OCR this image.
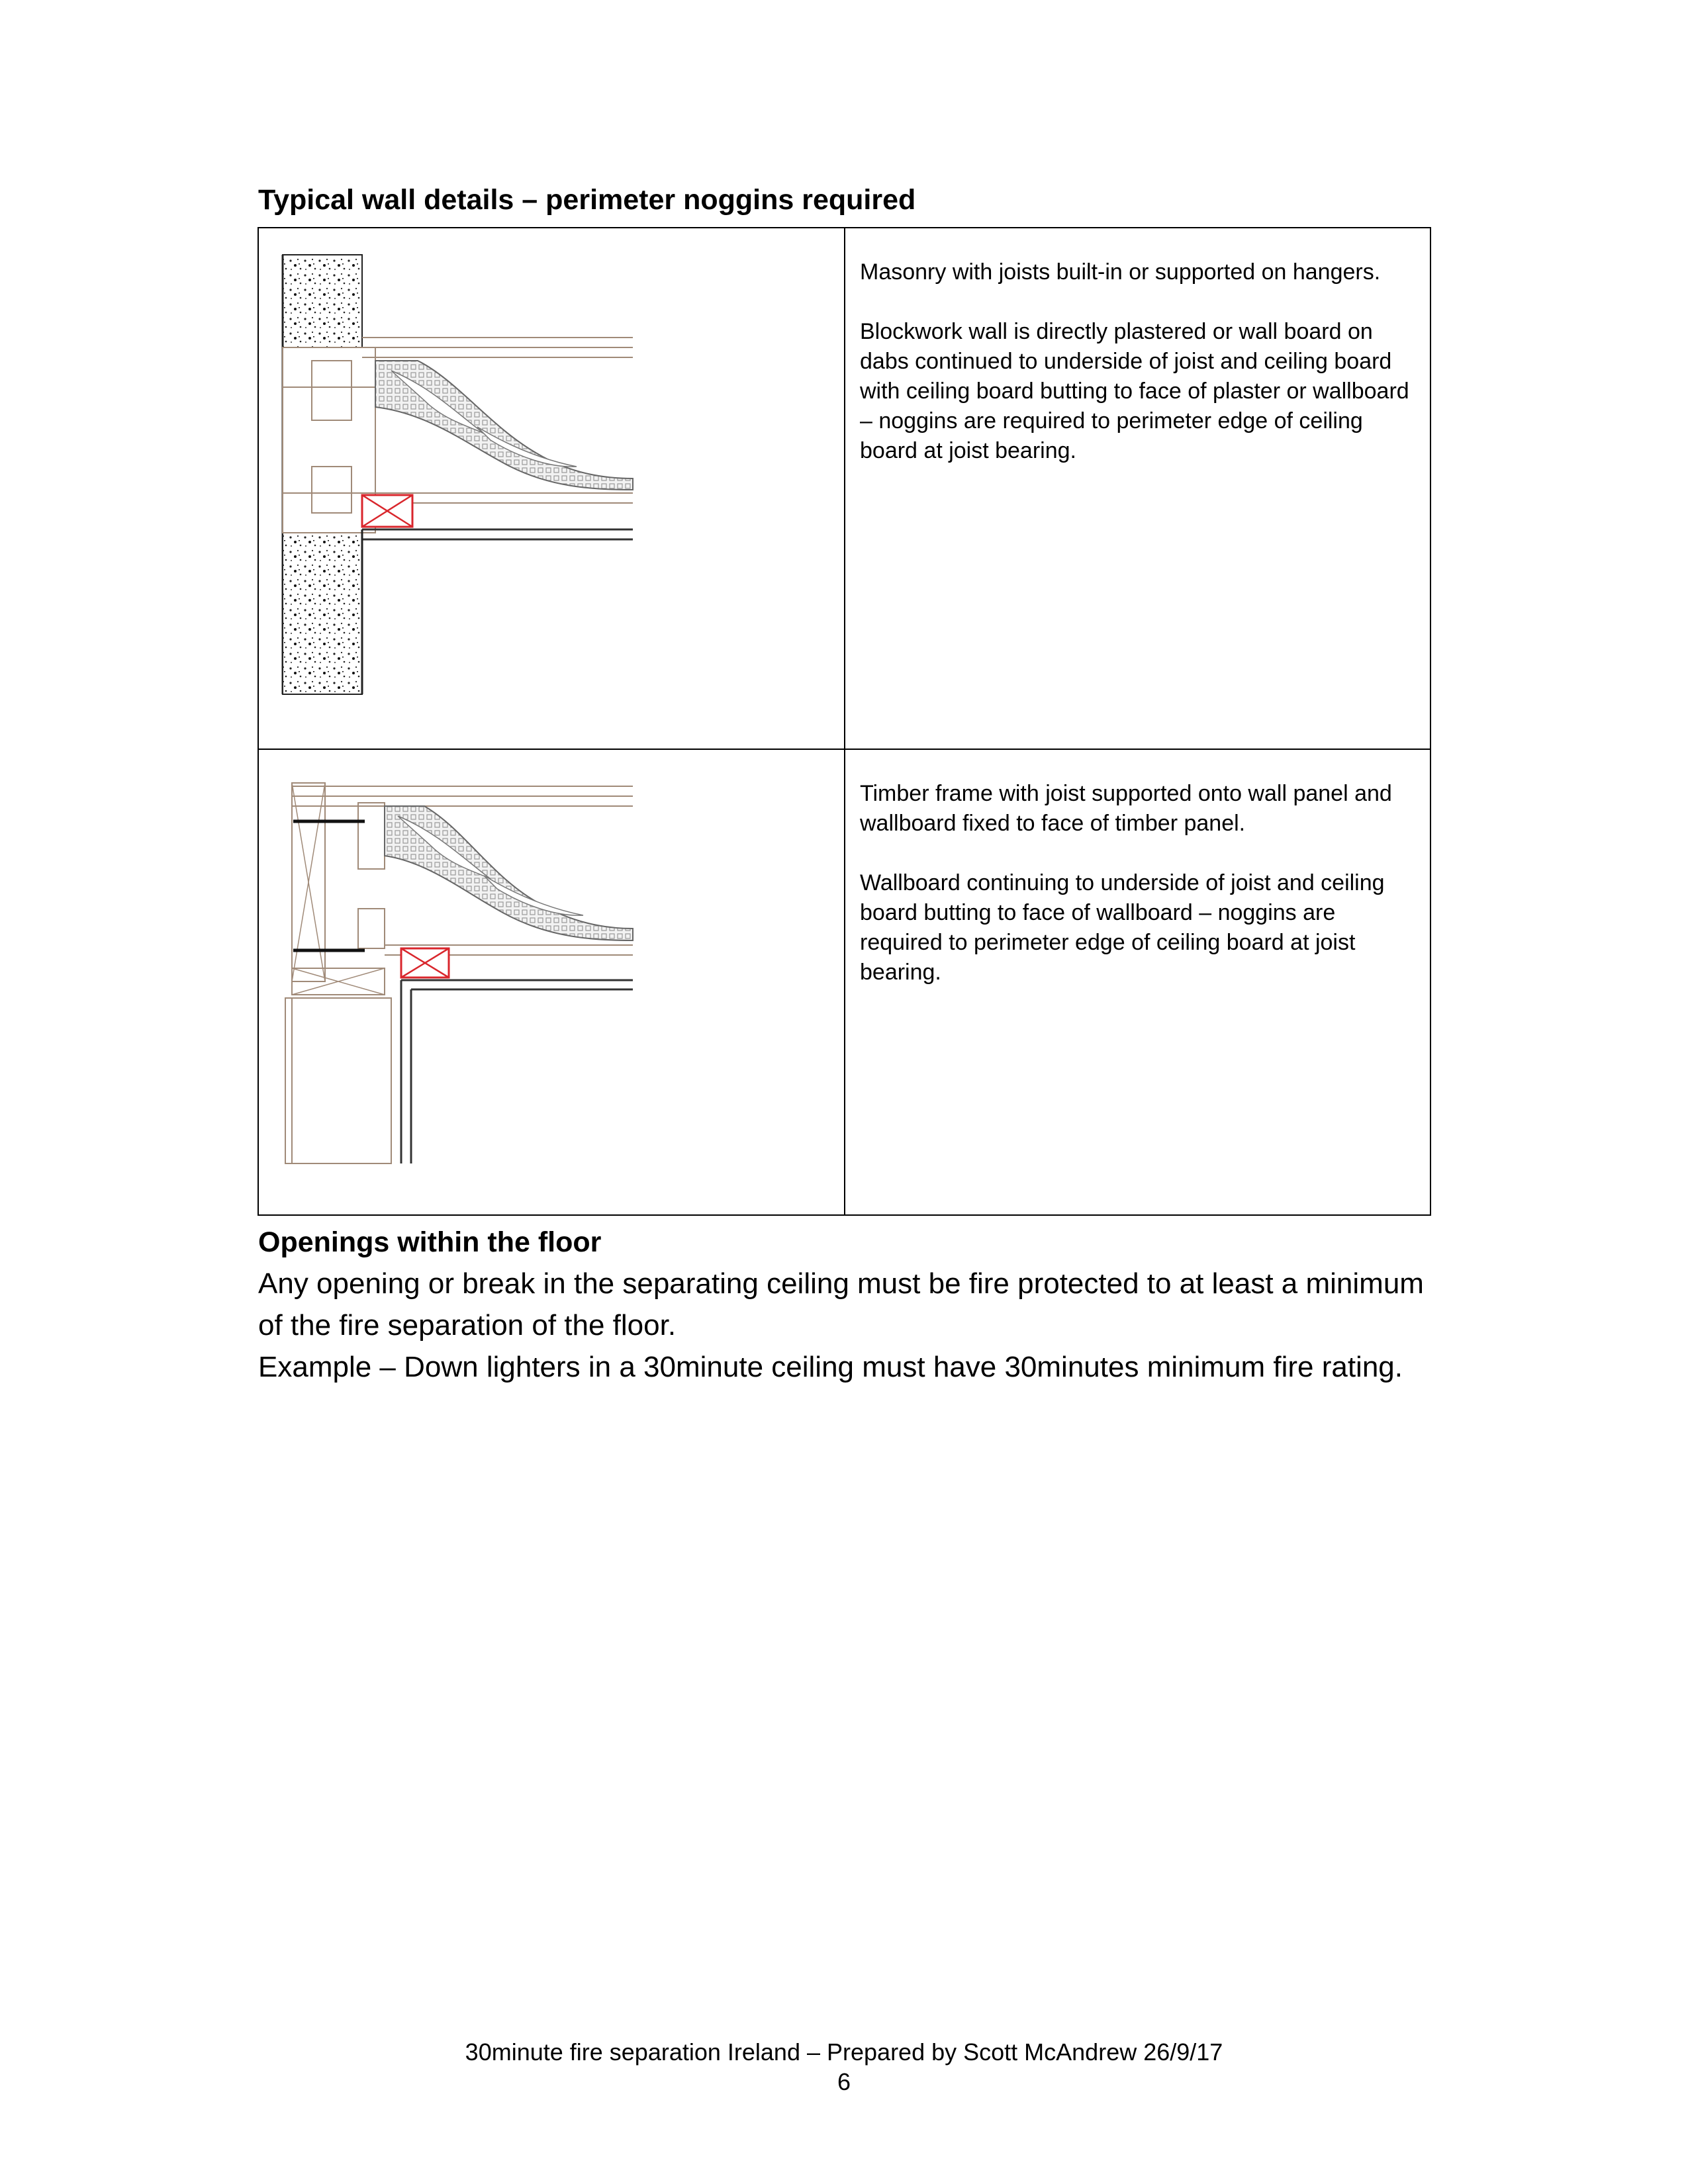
Typical wall details – perimeter noggins required

Masonry with joists built-in or supported on hangers.

Blockwork wall is directly plastered or wall board on dabs continued to underside of joist and ceiling board with ceiling board butting to face of plaster or wallboard – noggins are required to perimeter edge of ceiling board at joist bearing.

Timber frame with joist supported onto wall panel and wallboard fixed to face of timber panel.

Wallboard continuing to underside of joist and ceiling board butting to face of wallboard – noggins are required to perimeter edge of ceiling board at joist bearing.

Openings within the floor

Any opening or break in the separating ceiling must be fire protected to at least a minimum of the fire separation of the floor.

Example – Down lighters in a 30minute ceiling must have 30minutes minimum fire rating.

30minute fire separation Ireland – Prepared by Scott McAndrew 26/9/17

6
